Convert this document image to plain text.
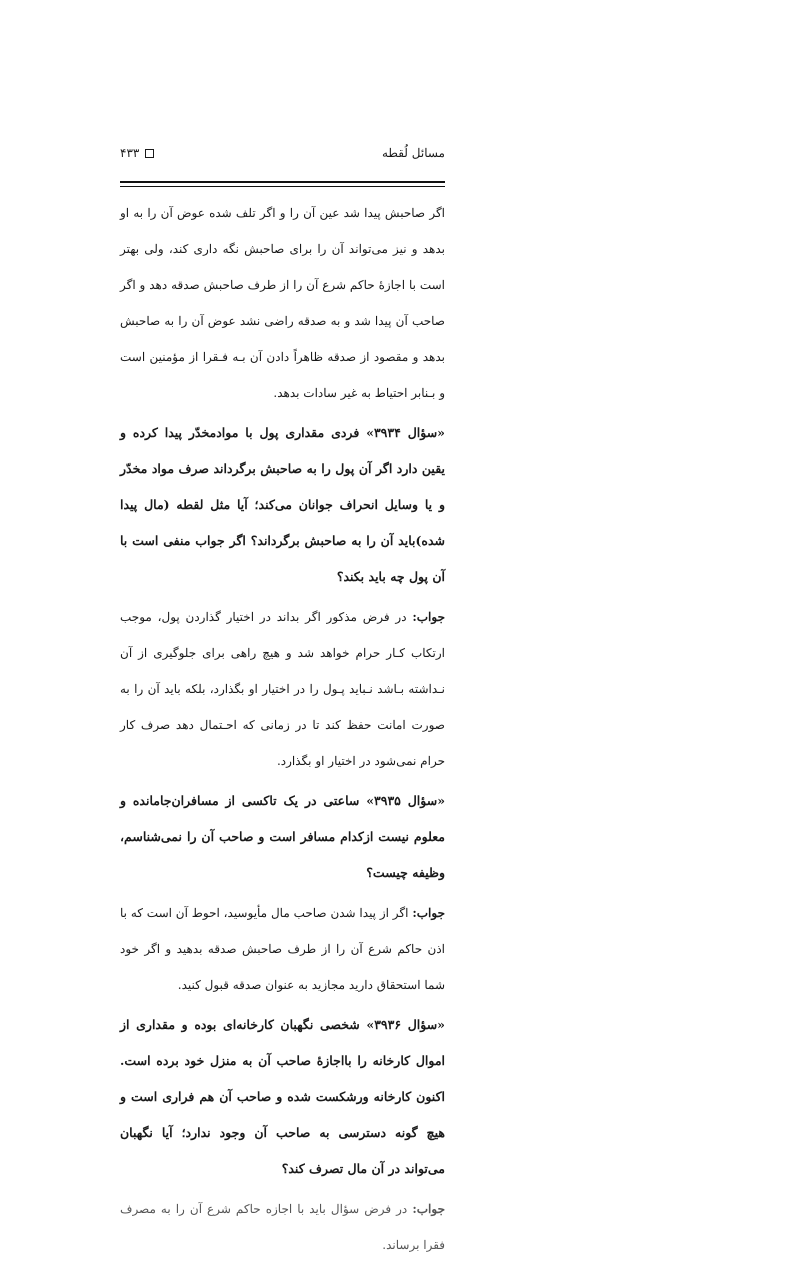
مسائل لُقطه
۴۳۳

اگر صاحبش پیدا شد عین آن را و اگر تلف شده عوض آن را به او بدهد و نیز می‌تواند آن را برای صاحبش نگه داری کند، ولی بهتر است با اجازهٔ حاکم شرع آن را از طرف صاحبش صدقه دهد و اگر صاحب آن پیدا شد و به صدقه راضی نشد عوض آن را به صاحبش بدهد و مقصود از صدقه ظاهراً دادن آن بـه فـقرا از مؤمنین است و بـنابر احتیاط به غیر سادات بدهد.

«سؤال ۳۹۳۴» فردی مقداری پول با موادمخدّر پیدا کرده و یقین دارد اگر آن پول را به صاحبش برگرداند صرف مواد مخدّر و یا وسایل انحراف جوانان می‌کند؛ آیا مثل لقطه (مال پیدا شده)باید آن را به صاحبش برگرداند؟ اگر جواب منفی است با آن پول چه باید بکند؟

جواب: در فرض مذکور اگر بداند در اختیار گذاردن پول، موجب ارتکاب کـار حرام خواهد شد و هیچ راهی برای جلوگیری از آن نـداشته بـاشد نـباید پـول را در اختیار او بگذارد، بلکه باید آن را به صورت امانت حفظ کند تا در زمانی که احـتمال دهد صرف کار حرام نمی‌شود در اختیار او بگذارد.

«سؤال ۳۹۳۵» ساعتی در یک تاکسی از مسافران‌جامانده و معلوم نیست ازکدام مسافر است و صاحب آن را نمی‌شناسم، وظیفه چیست؟

جواب: اگر از پیدا شدن صاحب مال مأیوسید، احوط آن است که با اذن حاکم شرع آن را از طرف صاحبش صدقه بدهید و اگر خود شما استحقاق دارید مجازید به عنوان صدقه قبول کنید.

«سؤال ۳۹۳۶» شخصی نگهبان کارخانه‌ای بوده و مقداری از اموال کارخانه را بااجازهٔ صاحب آن به منزل خود برده است. اکنون کارخانه ورشکست شده و صاحب آن هم فراری است و هیچ گونه دسترسی به صاحب آن وجود ندارد؛ آیا نگهبان می‌تواند در آن مال تصرف کند؟

جواب: در فرض سؤال باید با اجازه حاکم شرع آن را به مصرف فقرا برساند.
